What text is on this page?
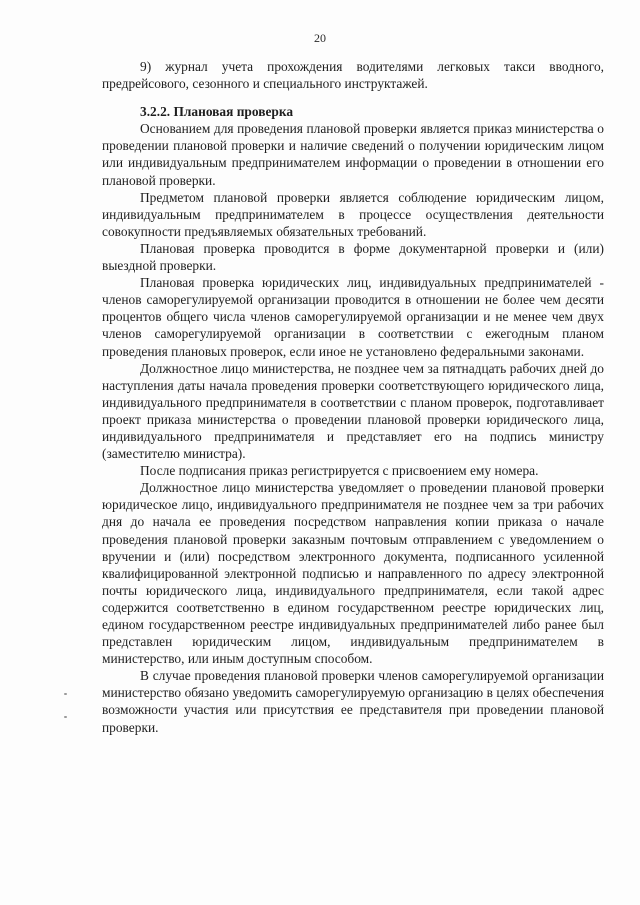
20

9) журнал учета прохождения водителями легковых такси вводного, предрейсового, сезонного и специального инструктажей.

3.2.2. Плановая проверка

Основанием для проведения плановой проверки является приказ министерства о проведении плановой проверки и наличие сведений о получении юридическим лицом или индивидуальным предпринимателем информации о проведении в отношении его плановой проверки.

Предметом плановой проверки является соблюдение юридическим лицом, индивидуальным предпринимателем в процессе осуществления деятельности совокупности предъявляемых обязательных требований.

Плановая проверка проводится в форме документарной проверки и (или) выездной проверки.

Плановая проверка юридических лиц, индивидуальных предпринимателей - членов саморегулируемой организации проводится в отношении не более чем десяти процентов общего числа членов саморегулируемой организации и не менее чем двух членов саморегулируемой организации в соответствии с ежегодным планом проведения плановых проверок, если иное не установлено федеральными законами.

Должностное лицо министерства, не позднее чем за пятнадцать рабочих дней до наступления даты начала проведения проверки соответствующего юридического лица, индивидуального предпринимателя в соответствии с планом проверок, подготавливает проект приказа министерства о проведении плановой проверки юридического лица, индивидуального предпринимателя и представляет его на подпись министру (заместителю министра).

После подписания приказ регистрируется с присвоением ему номера.

Должностное лицо министерства уведомляет о проведении плановой проверки юридическое лицо, индивидуального предпринимателя не позднее чем за три рабочих дня до начала ее проведения посредством направления копии приказа о начале проведения плановой проверки заказным почтовым отправлением с уведомлением о вручении и (или) посредством электронного документа, подписанного усиленной квалифицированной электронной подписью и направленного по адресу электронной почты юридического лица, индивидуального предпринимателя, если такой адрес содержится соответственно в едином государственном реестре юридических лиц, едином государственном реестре индивидуальных предпринимателей либо ранее был представлен юридическим лицом, индивидуальным предпринимателем в министерство, или иным доступным способом.

В случае проведения плановой проверки членов саморегулируемой организации министерство обязано уведомить саморегулируемую организацию в целях обеспечения возможности участия или присутствия ее представителя при проведении плановой проверки.
